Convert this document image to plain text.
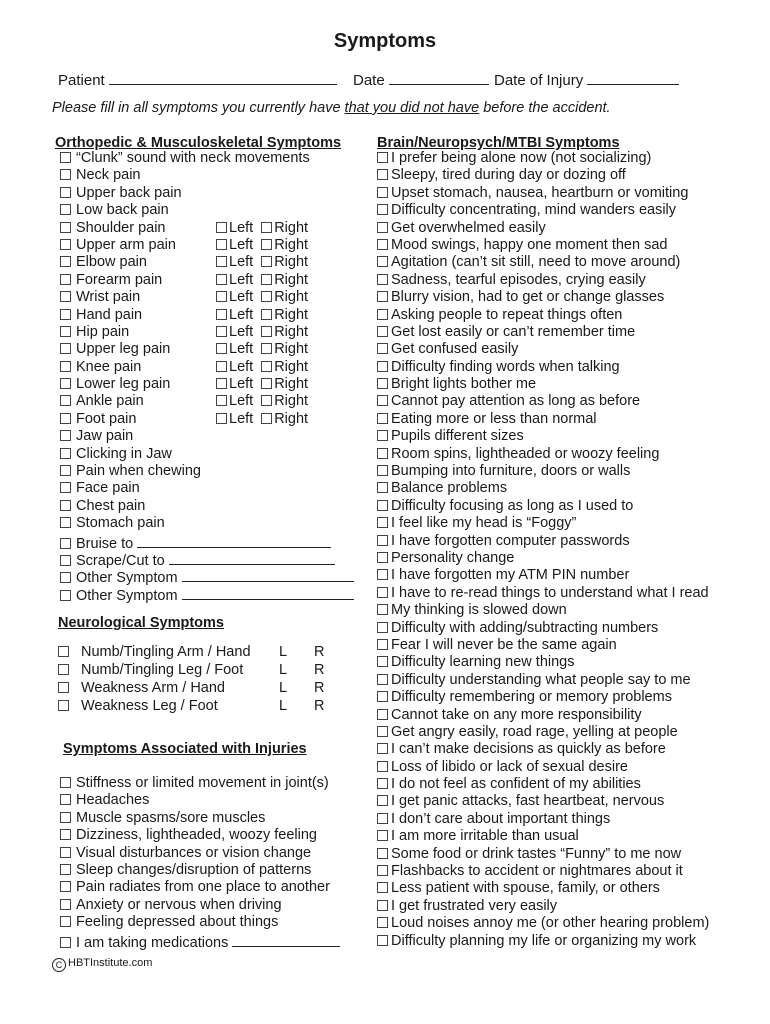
Symptoms
Patient	Date	Date of Injury
Please fill in all symptoms you currently have that you did not have before the accident.
Orthopedic & Musculoskeletal Symptoms
“Clunk” sound with neck movements
Neck pain
Upper back pain
Low back pain
Shoulder pain	Left Right
Upper arm pain	Left Right
Elbow pain	Left Right
Forearm pain	Left Right
Wrist pain	Left Right
Hand pain	Left Right
Hip pain	Left Right
Upper leg pain	Left Right
Knee pain	Left Right
Lower leg pain	Left Right
Ankle pain	Left Right
Foot pain	Left Right
Jaw pain
Clicking in Jaw
Pain when chewing
Face pain
Chest pain
Stomach pain
Bruise to
Scrape/Cut to
Other Symptom
Other Symptom
Neurological Symptoms
Numb/Tingling Arm / Hand L R
Numb/Tingling Leg / Foot L R
Weakness Arm / Hand	L R
Weakness Leg / Foot	L R
Symptoms Associated with Injuries
Stiffness or limited movement in joint(s)
Headaches
Muscle spasms/sore muscles
Dizziness, lightheaded, woozy feeling
Visual disturbances or vision change
Sleep changes/disruption of patterns
Pain radiates from one place to another
Anxiety or nervous when driving
Feeling depressed about things
I am taking medications
Brain/Neuropsych/MTBI Symptoms
I prefer being alone now (not socializing)
Sleepy, tired during day or dozing off
Upset stomach, nausea, heartburn or vomiting
Difficulty concentrating, mind wanders easily
Get overwhelmed easily
Mood swings, happy one moment then sad
Agitation (can’t sit still, need to move around)
Sadness, tearful episodes, crying easily
Blurry vision, had to get or change glasses
Asking people to repeat things often
Get lost easily or can’t remember time
Get confused easily
Difficulty finding words when talking
Bright lights bother me
Cannot pay attention as long as before
Eating more or less than normal
Pupils different sizes
Room spins, lightheaded or woozy feeling
Bumping into furniture, doors or walls
Balance problems
Difficulty focusing as long as I used to
I feel like my head is “Foggy”
I have forgotten computer passwords
Personality change
I have forgotten my ATM PIN number
I have to re-read things to understand what I read
My thinking is slowed down
Difficulty with adding/subtracting numbers
Fear I will never be the same again
Difficulty learning new things
Difficulty understanding what people say to me
Difficulty remembering or memory problems
Cannot take on any more responsibility
Get angry easily, road rage, yelling at people
I can’t make decisions as quickly as before
Loss of libido or lack of sexual desire
I do not feel as confident of my abilities
I get panic attacks, fast heartbeat, nervous
I don’t care about important things
I am more irritable than usual
Some food or drink tastes “Funny” to me now
Flashbacks to accident or nightmares about it
Less patient with spouse, family, or others
I get frustrated very easily
Loud noises annoy me (or other hearing problem)
Difficulty planning my life or organizing my work
C HBTInstitute.com
